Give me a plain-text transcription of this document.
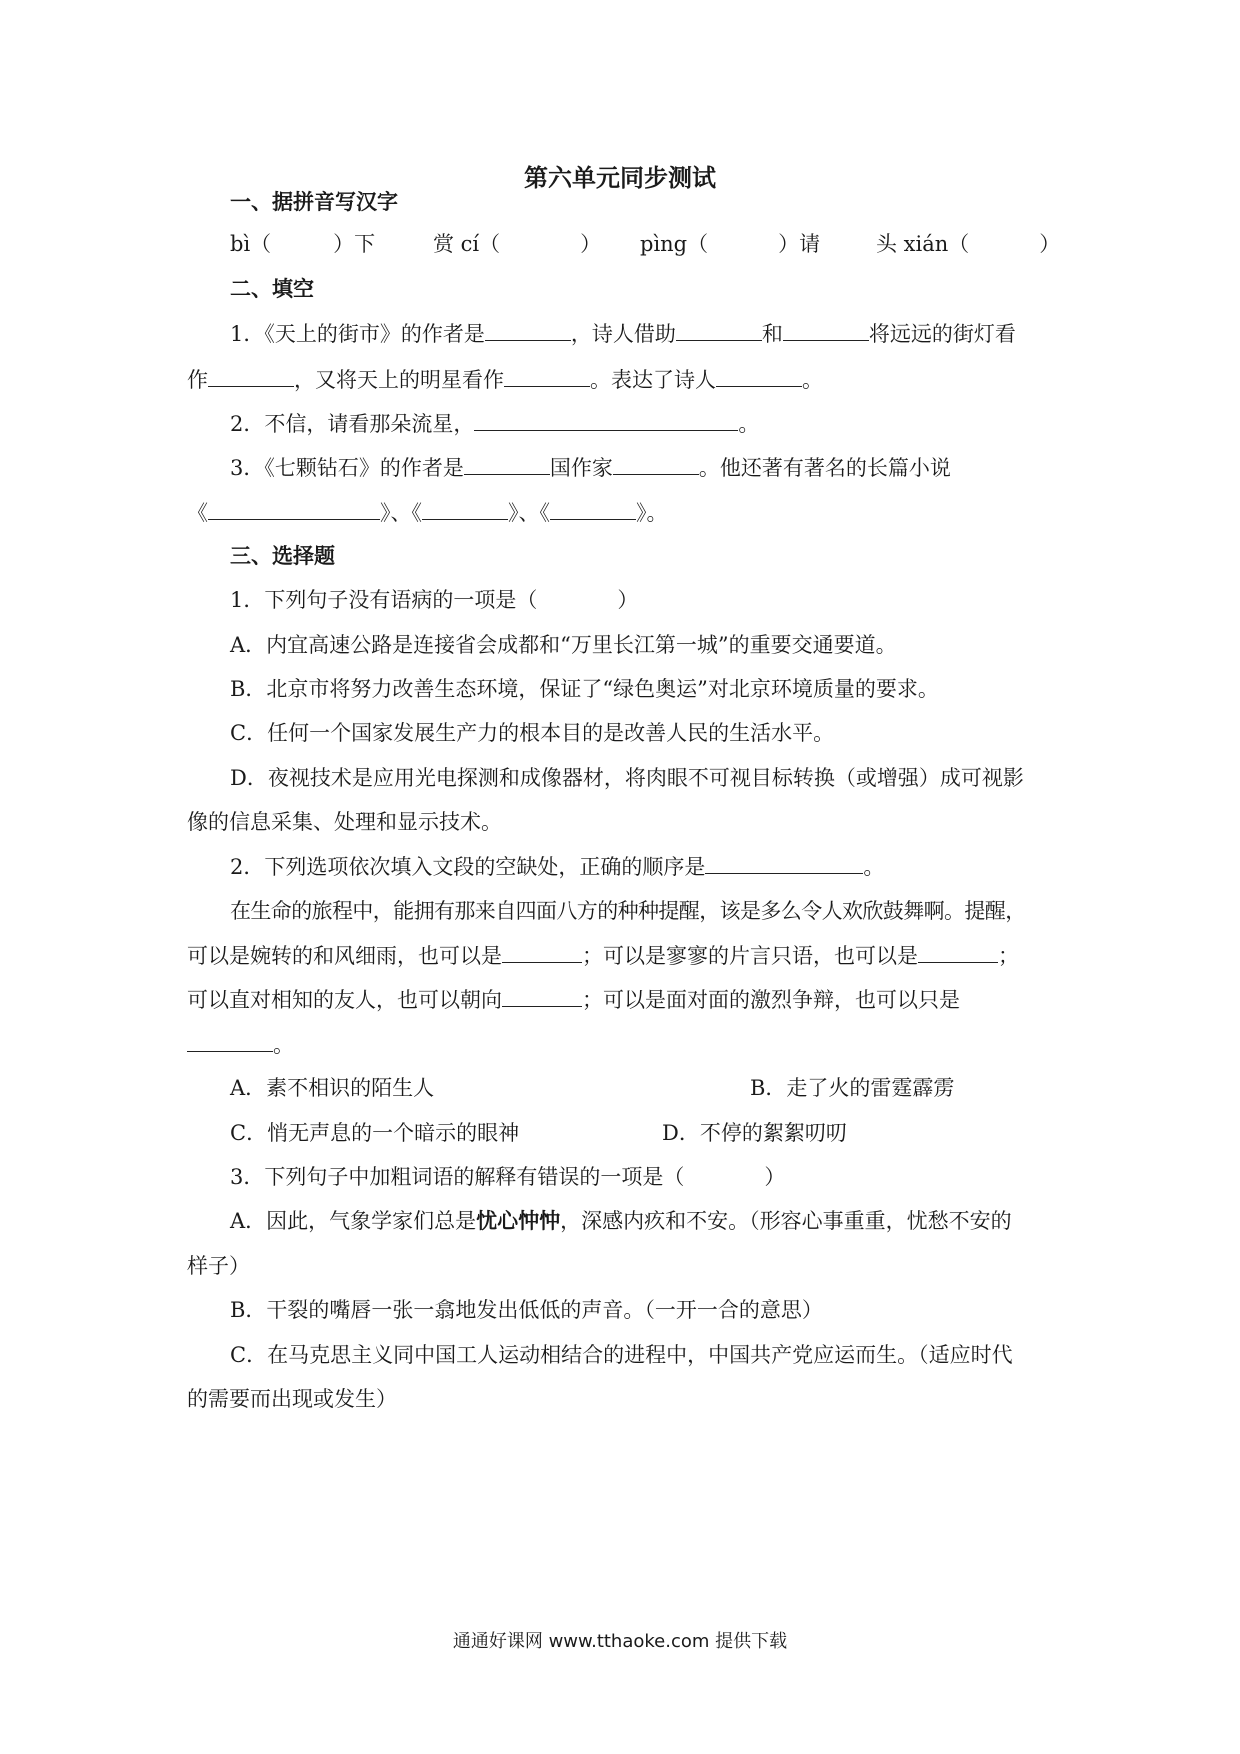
第六单元同步测试
一、据拼音写汉字
bì（	）下	赏 cí（	） pìng（	）请	头 xián（	）
二、填空
1．《天上的街市》的作者是	，诗人借助	和	将远远的街灯看
作	，又将天上的明星看作	。表达了诗人	。
2．不信，请看那朵流星，	。
3．《七颗钻石》的作者是	国作家	。他还著有著名的长篇小说
《	》、《	》、《	》。
三、选择题
1．下列句子没有语病的一项是（	）
A．内宜高速公路是连接省会成都和“万里长江第一城”的重要交通要道。
B．北京市将努力改善生态环境，保证了“绿色奥运”对北京环境质量的要求。
C．任何一个国家发展生产力的根本目的是改善人民的生活水平。
D．夜视技术是应用光电探测和成像器材，将肉眼不可视目标转换（或增强）成可视影
像的信息采集、处理和显示技术。
2．下列选项依次填入文段的空缺处，正确的顺序是	。
在生命的旅程中，能拥有那来自四面八方的种种提醒，该是多么令人欢欣鼓舞啊。提醒，
可以是婉转的和风细雨，也可以是	；可以是寥寥的片言只语，也可以是	；
可以直对相知的友人，也可以朝向	；可以是面对面的激烈争辩，也可以只是
。
A．素不相识的陌生人	B．走了火的雷霆霹雳
C．悄无声息的一个暗示的眼神	D．不停的絮絮叨叨
3．下列句子中加粗词语的解释有错误的一项是（	）
A．因此，气象学家们总是忧心忡忡，深感内疚和不安。（形容心事重重，忧愁不安的
样子）
B．干裂的嘴唇一张一翕地发出低低的声音。（一开一合的意思）
C．在马克思主义同中国工人运动相结合的进程中，中国共产党应运而生。（适应时代
的需要而出现或发生）
通通好课网 www.tthaoke.com 提供下载
